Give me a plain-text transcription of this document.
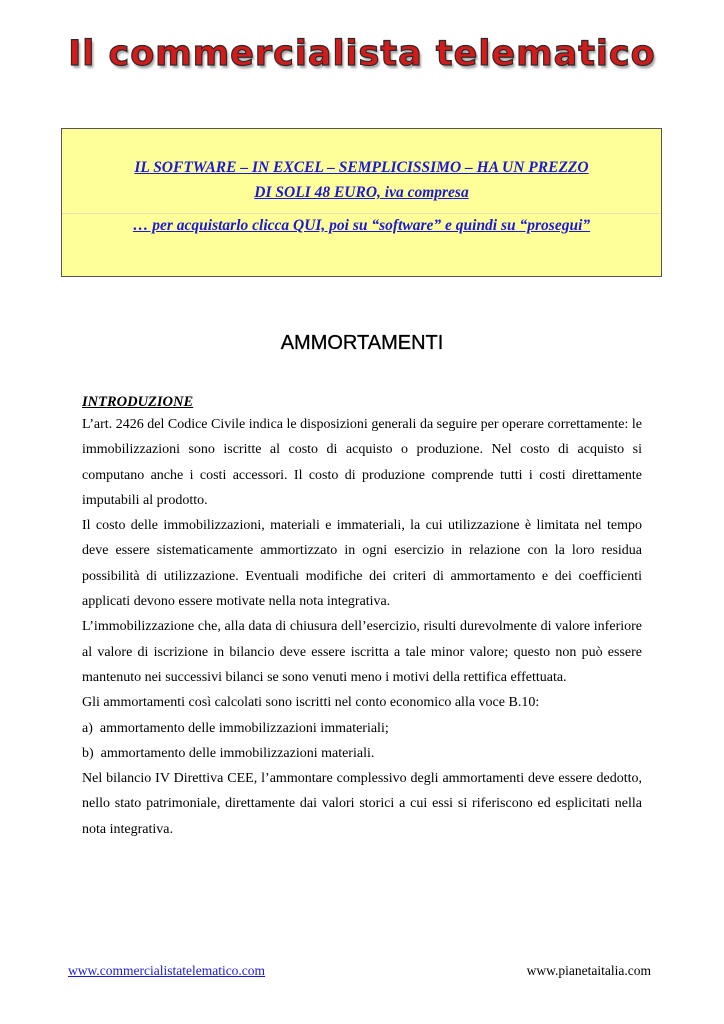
Il commercialista telematico
IL SOFTWARE – IN EXCEL – SEMPLICISSIMO – HA UN PREZZO
DI SOLI 48 EURO, iva compresa
… per acquistarlo clicca QUI, poi su “software” e quindi su “prosegui”
AMMORTAMENTI
INTRODUZIONE

L’art. 2426 del Codice Civile indica le disposizioni generali da seguire per operare correttamente: le immobilizzazioni sono iscritte al costo di acquisto o produzione. Nel costo di acquisto si computano anche i costi accessori. Il costo di produzione comprende tutti i costi direttamente imputabili al prodotto.

Il costo delle immobilizzazioni, materiali e immateriali, la cui utilizzazione è limitata nel tempo deve essere sistematicamente ammortizzato in ogni esercizio in relazione con la loro residua possibilità di utilizzazione. Eventuali modifiche dei criteri di ammortamento e dei coefficienti applicati devono essere motivate nella nota integrativa.

L’immobilizzazione che, alla data di chiusura dell’esercizio, risulti durevolmente di valore inferiore al valore di iscrizione in bilancio deve essere iscritta a tale minor valore; questo non può essere mantenuto nei successivi bilanci se sono venuti meno i motivi della rettifica effettuata.

Gli ammortamenti così calcolati sono iscritti nel conto economico alla voce B.10:

a)  ammortamento delle immobilizzazioni immateriali;
b)  ammortamento delle immobilizzazioni materiali.

Nel bilancio IV Direttiva CEE, l’ammontare complessivo degli ammortamenti deve essere dedotto, nello stato patrimoniale, direttamente dai valori storici a cui essi si riferiscono ed esplicitati nella nota integrativa.

www.commercialistatelematico.com	www.pianetaitalia.com
